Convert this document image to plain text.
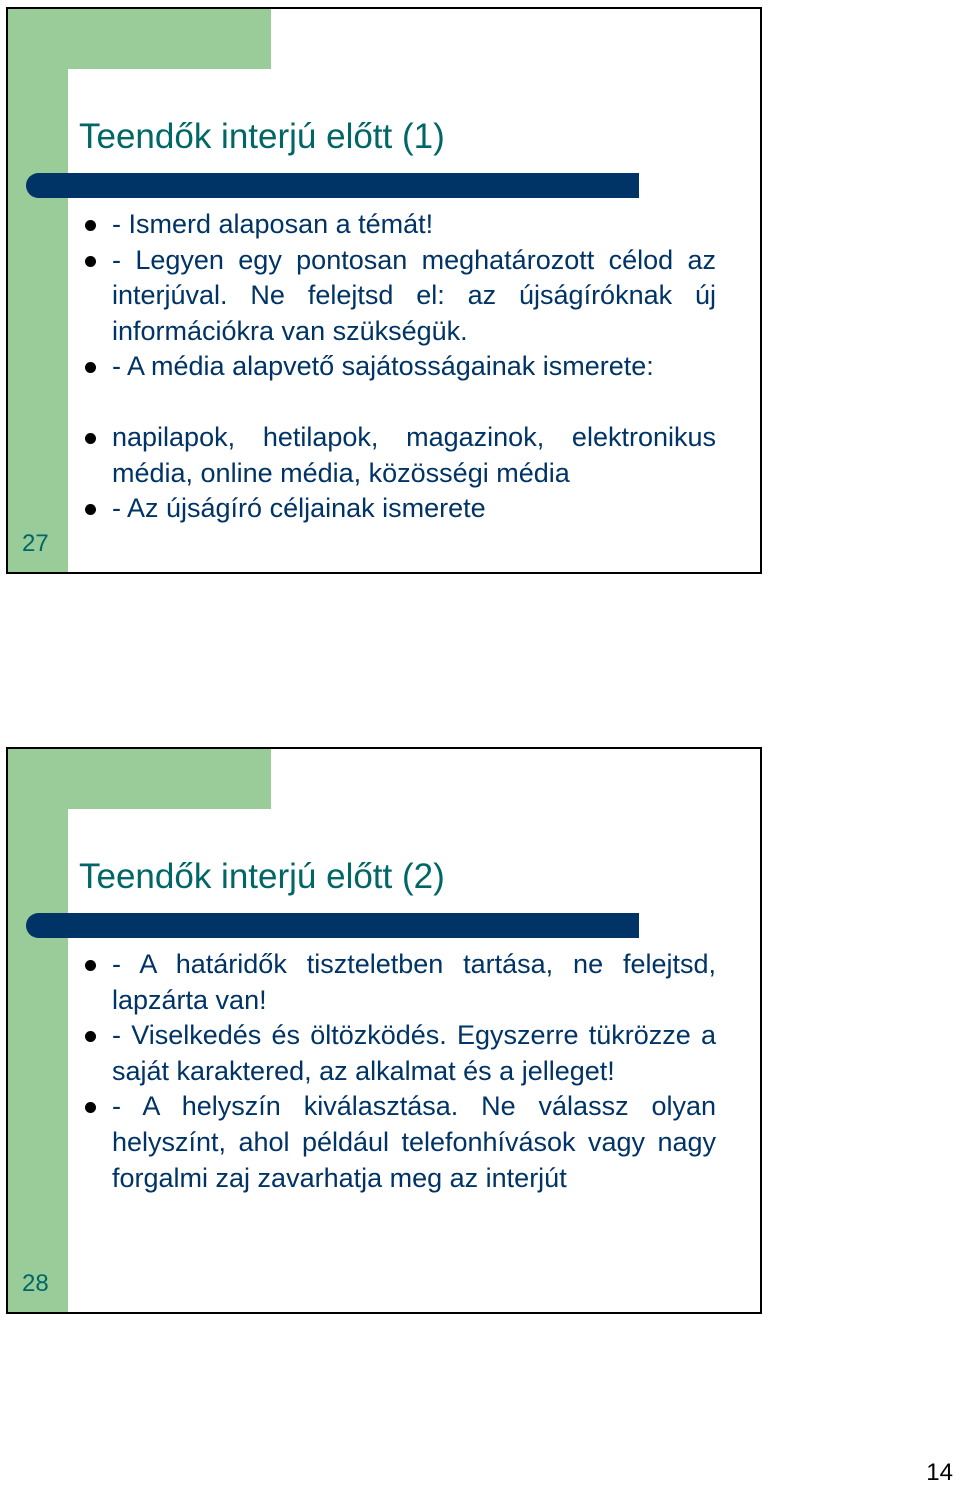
Teendők interjú előtt (1)
- Ismerd alaposan a témát!
- Legyen egy pontosan meghatározott célod az interjúval. Ne felejtsd el: az újságíróknak új információkra van szükségük.
- A média alapvető sajátosságainak ismerete:
napilapok, hetilapok, magazinok, elektronikus média, online média, közösségi média
- Az újságíró céljainak ismerete
27
Teendők interjú előtt (2)
- A határidők tiszteletben tartása, ne felejtsd, lapzárta van!
- Viselkedés és öltözködés. Egyszerre tükrözze a saját karaktered, az alkalmat és a jelleget!
- A helyszín kiválasztása. Ne válassz olyan helyszínt, ahol például telefonhívások vagy nagy forgalmi zaj zavarhatja meg az interjút
28
14
